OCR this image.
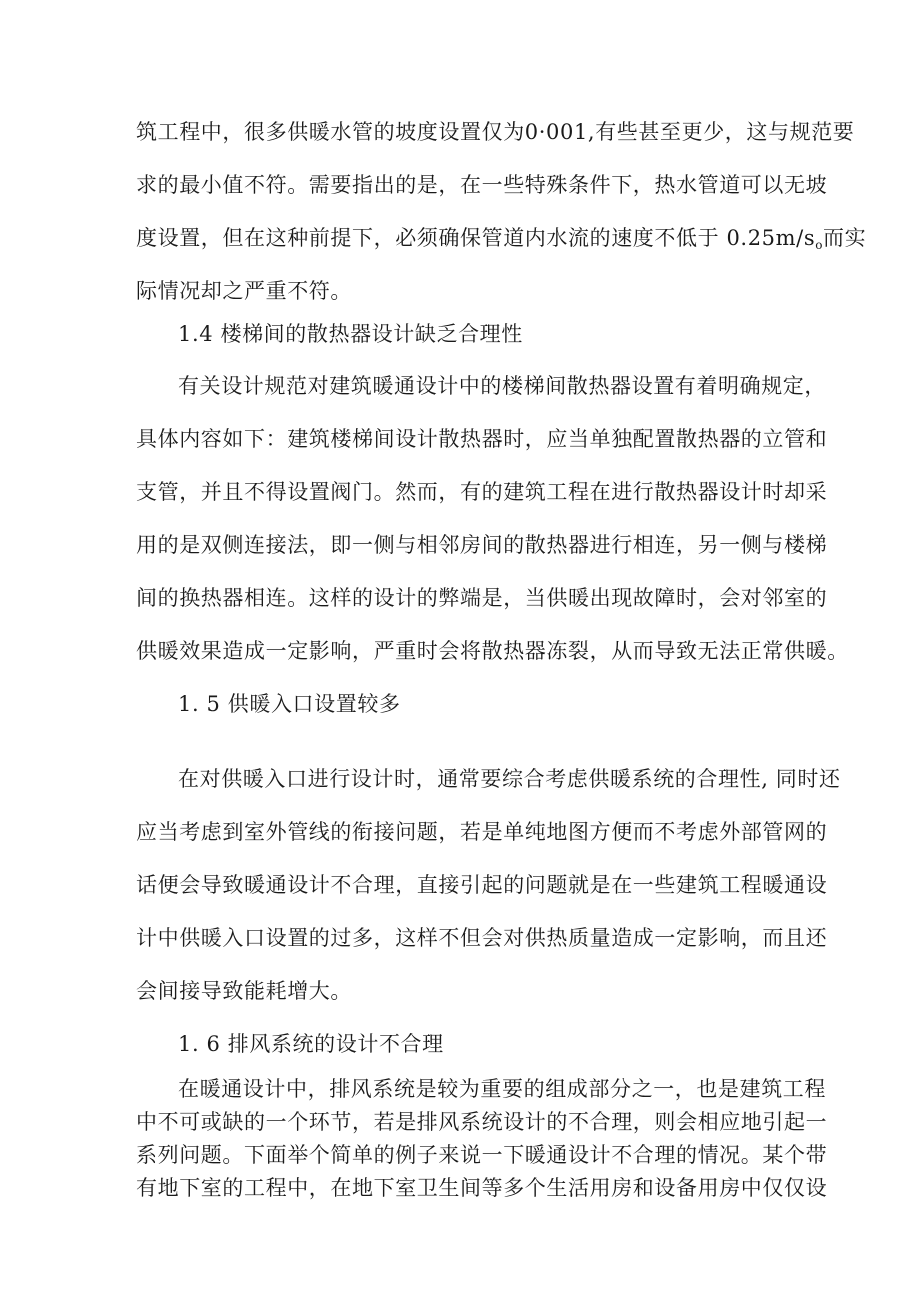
筑工程中，很多供暖水管的坡度设置仅为0·001,有些甚至更少，这与规范要
求的最小值不符。需要指出的是，在一些特殊条件下，热水管道可以无坡
度设置，但在这种前提下，必须确保管道内水流的速度不低于 $0.25m/s_o$而实
际情况却之严重不符。
1.4 楼梯间的散热器设计缺乏合理性
有关设计规范对建筑暖通设计中的楼梯间散热器设置有着明确规定，
具体内容如下：建筑楼梯间设计散热器时，应当单独配置散热器的立管和
支管，并且不得设置阀门。然而，有的建筑工程在进行散热器设计时却采
用的是双侧连接法，即一侧与相邻房间的散热器进行相连，另一侧与楼梯
间的换热器相连。这样的设计的弊端是，当供暖出现故障时，会对邻室的
供暖效果造成一定影响，严重时会将散热器冻裂，从而导致无法正常供暖。
1. 5 供暖入口设置较多
在对供暖入口进行设计时，通常要综合考虑供暖系统的合理性, 同时还
应当考虑到室外管线的衔接问题，若是单纯地图方便而不考虑外部管网的
话便会导致暖通设计不合理，直接引起的问题就是在一些建筑工程暖通设
计中供暖入口设置的过多，这样不但会对供热质量造成一定影响，而且还
会间接导致能耗增大。
1. 6 排风系统的设计不合理
在暖通设计中，排风系统是较为重要的组成部分之一，也是建筑工程
中不可或缺的一个环节，若是排风系统设计的不合理，则会相应地引起一
系列问题。下面举个简单的例子来说一下暖通设计不合理的情况。某个带
有地下室的工程中，在地下室卫生间等多个生活用房和设备用房中仅仅设
